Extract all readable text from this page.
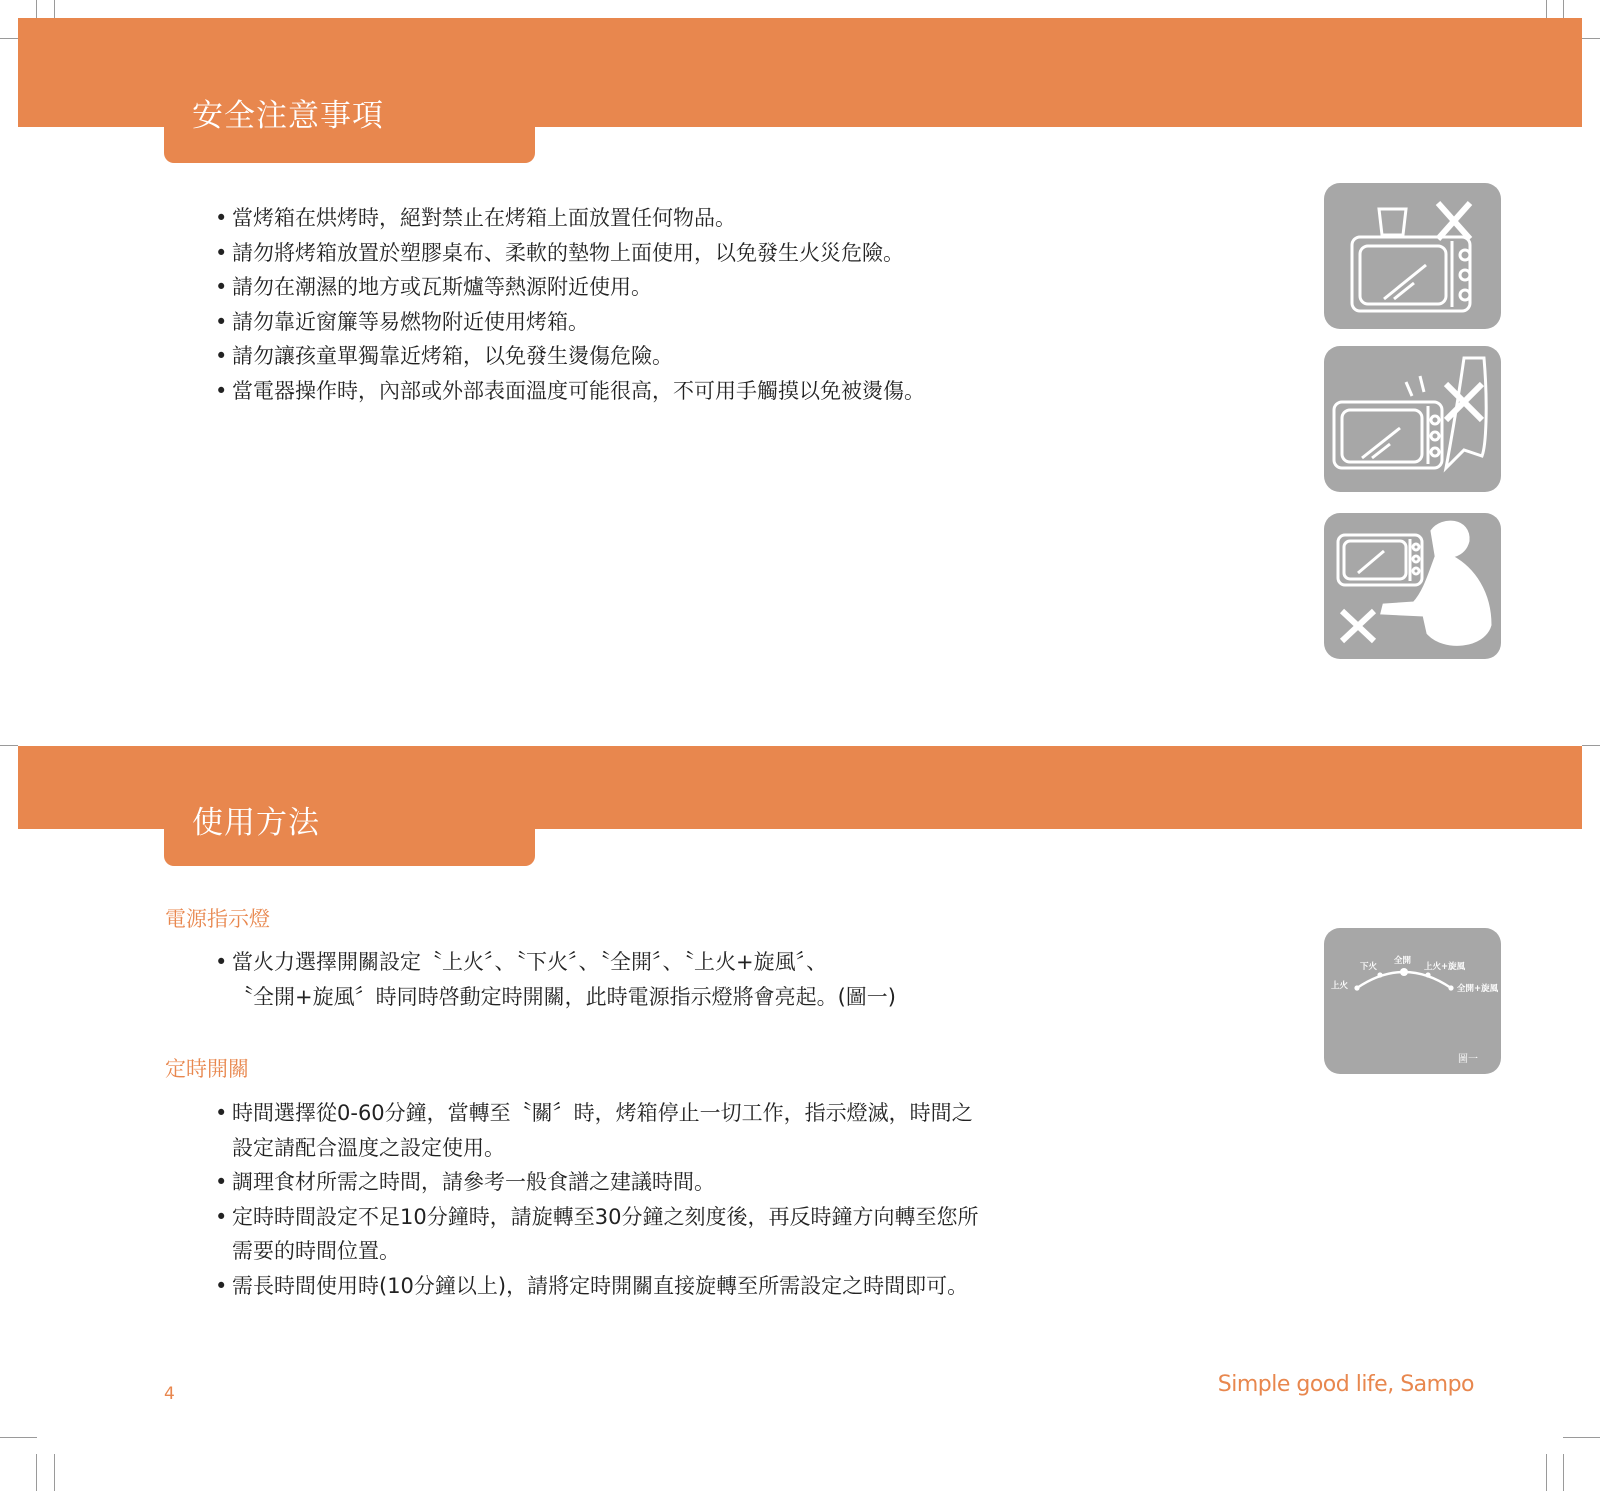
安全注意事項
• 當烤箱在烘烤時，絕對禁止在烤箱上面放置任何物品。
• 請勿將烤箱放置於塑膠桌布、柔軟的墊物上面使用，以免發生火災危險。
• 請勿在潮濕的地方或瓦斯爐等熱源附近使用。
• 請勿靠近窗簾等易燃物附近使用烤箱。
• 請勿讓孩童單獨靠近烤箱，以免發生燙傷危險。
• 當電器操作時，內部或外部表面溫度可能很高，不可用手觸摸以免被燙傷。
使用方法
電源指示燈
• 當火力選擇開關設定〝上火〞、〝下火〞、〝全開〞、〝上火+旋風〞、
〝全開+旋風〞時同時啓動定時開關，此時電源指示燈將會亮起。(圖一)
定時開關
• 時間選擇從0-60分鐘，當轉至〝關〞時，烤箱停止一切工作，指示燈滅，時間之
設定請配合溫度之設定使用。
• 調理食材所需之時間，請參考一般食譜之建議時間。
• 定時時間設定不足10分鐘時，請旋轉至30分鐘之刻度後，再反時鐘方向轉至您所
需要的時間位置。
• 需長時間使用時(10分鐘以上)，請將定時開關直接旋轉至所需設定之時間即可。
上火
下火
全開
上火+旋風
全開+旋風
圖一
4	Simple good life, Sampo
